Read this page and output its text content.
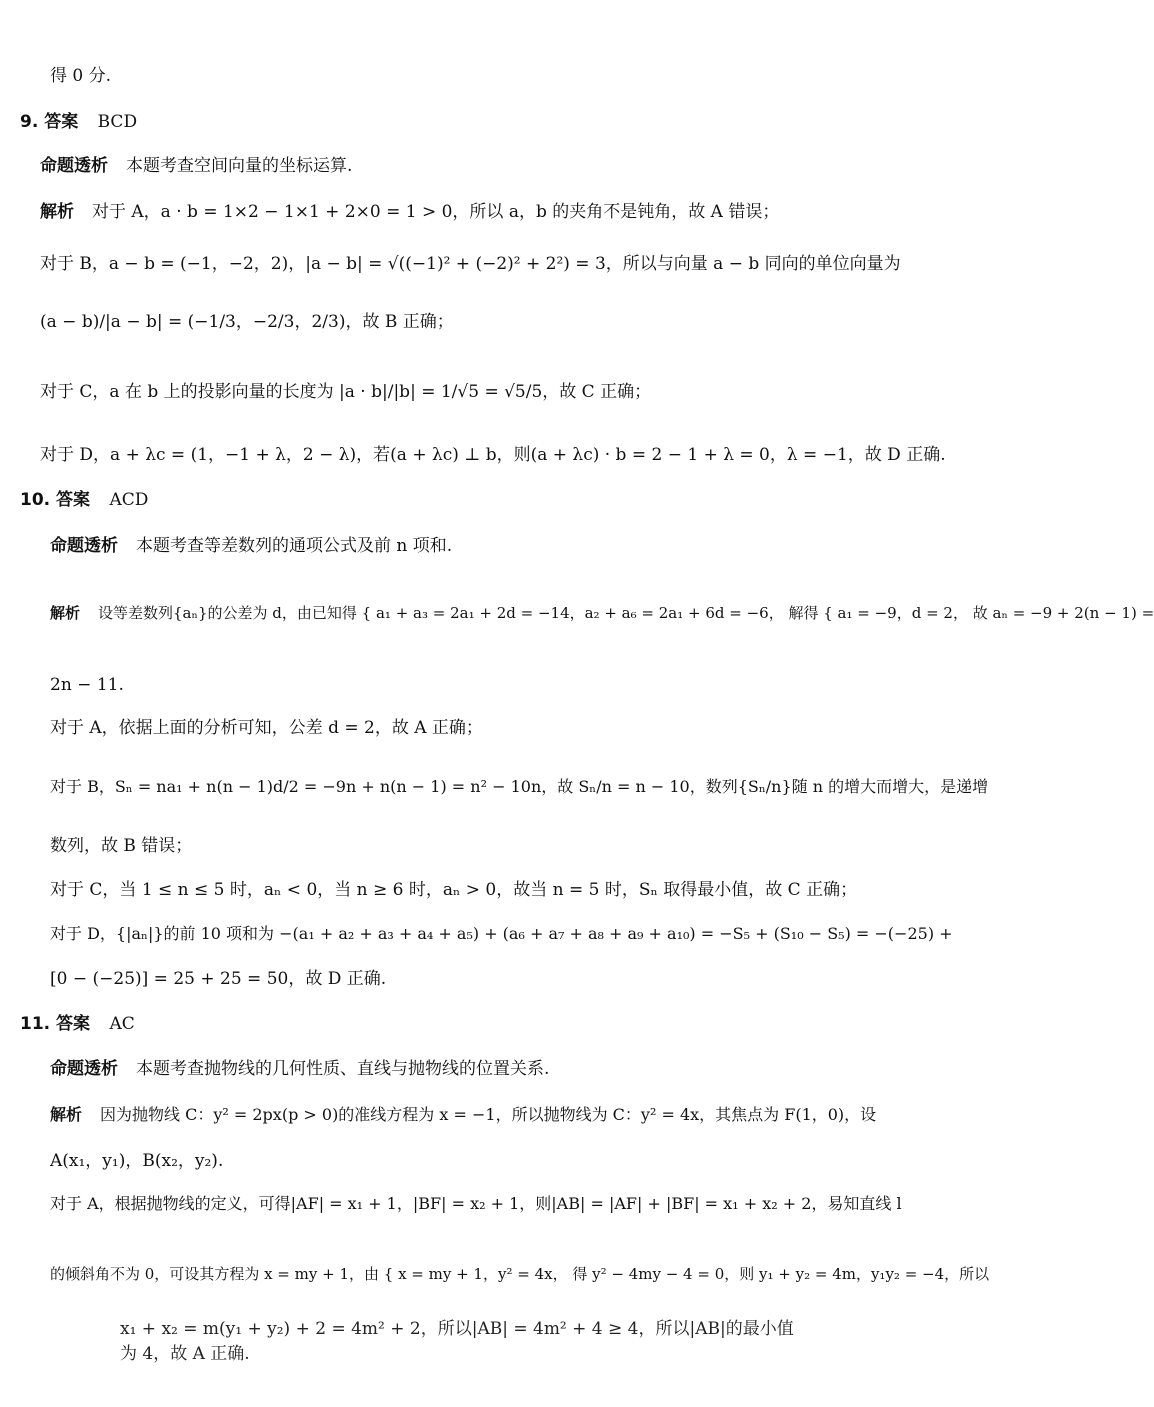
得 0 分.
9. 答案 BCD
命题透析 本题考查空间向量的坐标运算.
解析 对于 A，a · b = 1×2 − 1×1 + 2×0 = 1 > 0，所以 a，b 的夹角不是钝角，故 A 错误；
对于 B，a − b = (−1，−2，2)，|a − b| = √((−1)² + (−2)² + 2²) = 3，所以与向量 a − b 同向的单位向量为
(a − b)/|a − b| = (−1/3，−2/3，2/3)，故 B 正确；
对于 C，a 在 b 上的投影向量的长度为 |a · b|/|b| = 1/√5 = √5/5，故 C 正确；
对于 D，a + λc = (1，−1 + λ，2 − λ)，若(a + λc) ⊥ b，则(a + λc) · b = 2 − 1 + λ = 0，λ = −1，故 D 正确.
10. 答案 ACD
命题透析 本题考查等差数列的通项公式及前 n 项和.
解析 设等差数列{aₙ}的公差为 d，由已知得 { a₁ + a₃ = 2a₁ + 2d = −14，a₂ + a₆ = 2a₁ + 6d = −6， 解得 { a₁ = −9，d = 2， 故 aₙ = −9 + 2(n − 1) =
2n − 11.
对于 A，依据上面的分析可知，公差 d = 2，故 A 正确；
对于 B，Sₙ = na₁ + n(n − 1)d/2 = −9n + n(n − 1) = n² − 10n，故 Sₙ/n = n − 10，数列{Sₙ/n}随 n 的增大而增大，是递增
数列，故 B 错误；
对于 C，当 1 ≤ n ≤ 5 时，aₙ < 0，当 n ≥ 6 时，aₙ > 0，故当 n = 5 时，Sₙ 取得最小值，故 C 正确；
对于 D，{|aₙ|}的前 10 项和为 −(a₁ + a₂ + a₃ + a₄ + a₅) + (a₆ + a₇ + a₈ + a₉ + a₁₀) = −S₅ + (S₁₀ − S₅) = −(−25) +
[0 − (−25)] = 25 + 25 = 50，故 D 正确.
11. 答案 AC
命题透析 本题考查抛物线的几何性质、直线与抛物线的位置关系.
解析 因为抛物线 C：y² = 2px(p > 0)的准线方程为 x = −1，所以抛物线为 C：y² = 4x，其焦点为 F(1，0)，设
A(x₁，y₁)，B(x₂，y₂).
对于 A，根据抛物线的定义，可得|AF| = x₁ + 1，|BF| = x₂ + 1，则|AB| = |AF| + |BF| = x₁ + x₂ + 2，易知直线 l
的倾斜角不为 0，可设其方程为 x = my + 1，由 { x = my + 1，y² = 4x， 得 y² − 4my − 4 = 0，则 y₁ + y₂ = 4m，y₁y₂ = −4，所以
x₁ + x₂ = m(y₁ + y₂) + 2 = 4m² + 2，所以|AB| = 4m² + 4 ≥ 4，所以|AB|的最小值为 4，故 A 正确.
